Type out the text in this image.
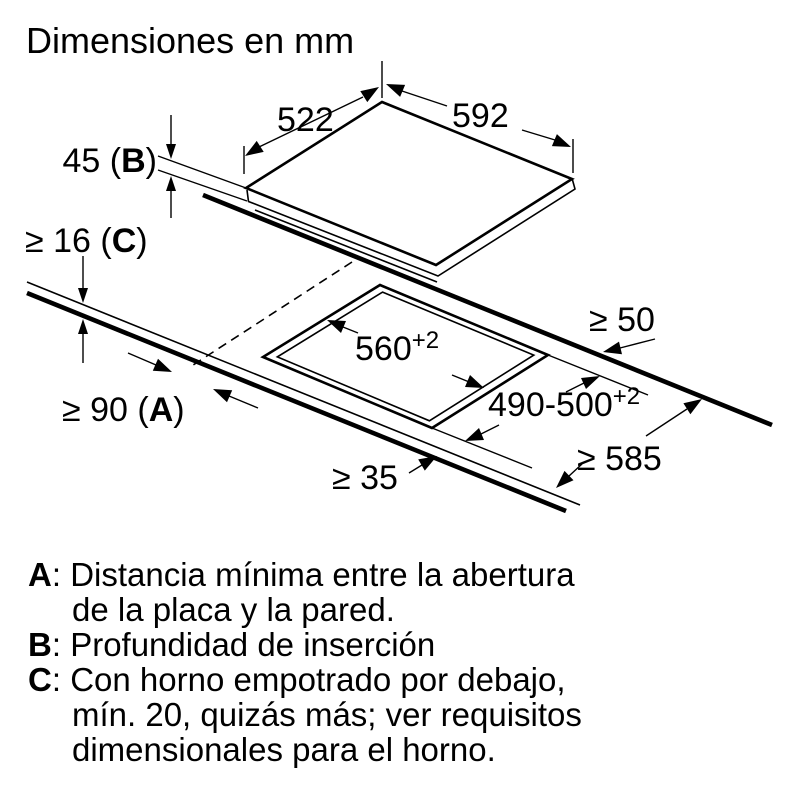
Dimensiones en mm
522	592
45 (B)
≥ 16 (C)
$560^{+2}$
$490-500^{+2}$
≥ 50
≥ 90 (A)
≥ 35	≥ 585
A: Distancia mínima entre la abertura
de la placa y la pared.
B: Profundidad de inserción
C: Con horno empotrado por debajo,
mín. 20, quizás más; ver requisitos
dimensionales para el horno.
